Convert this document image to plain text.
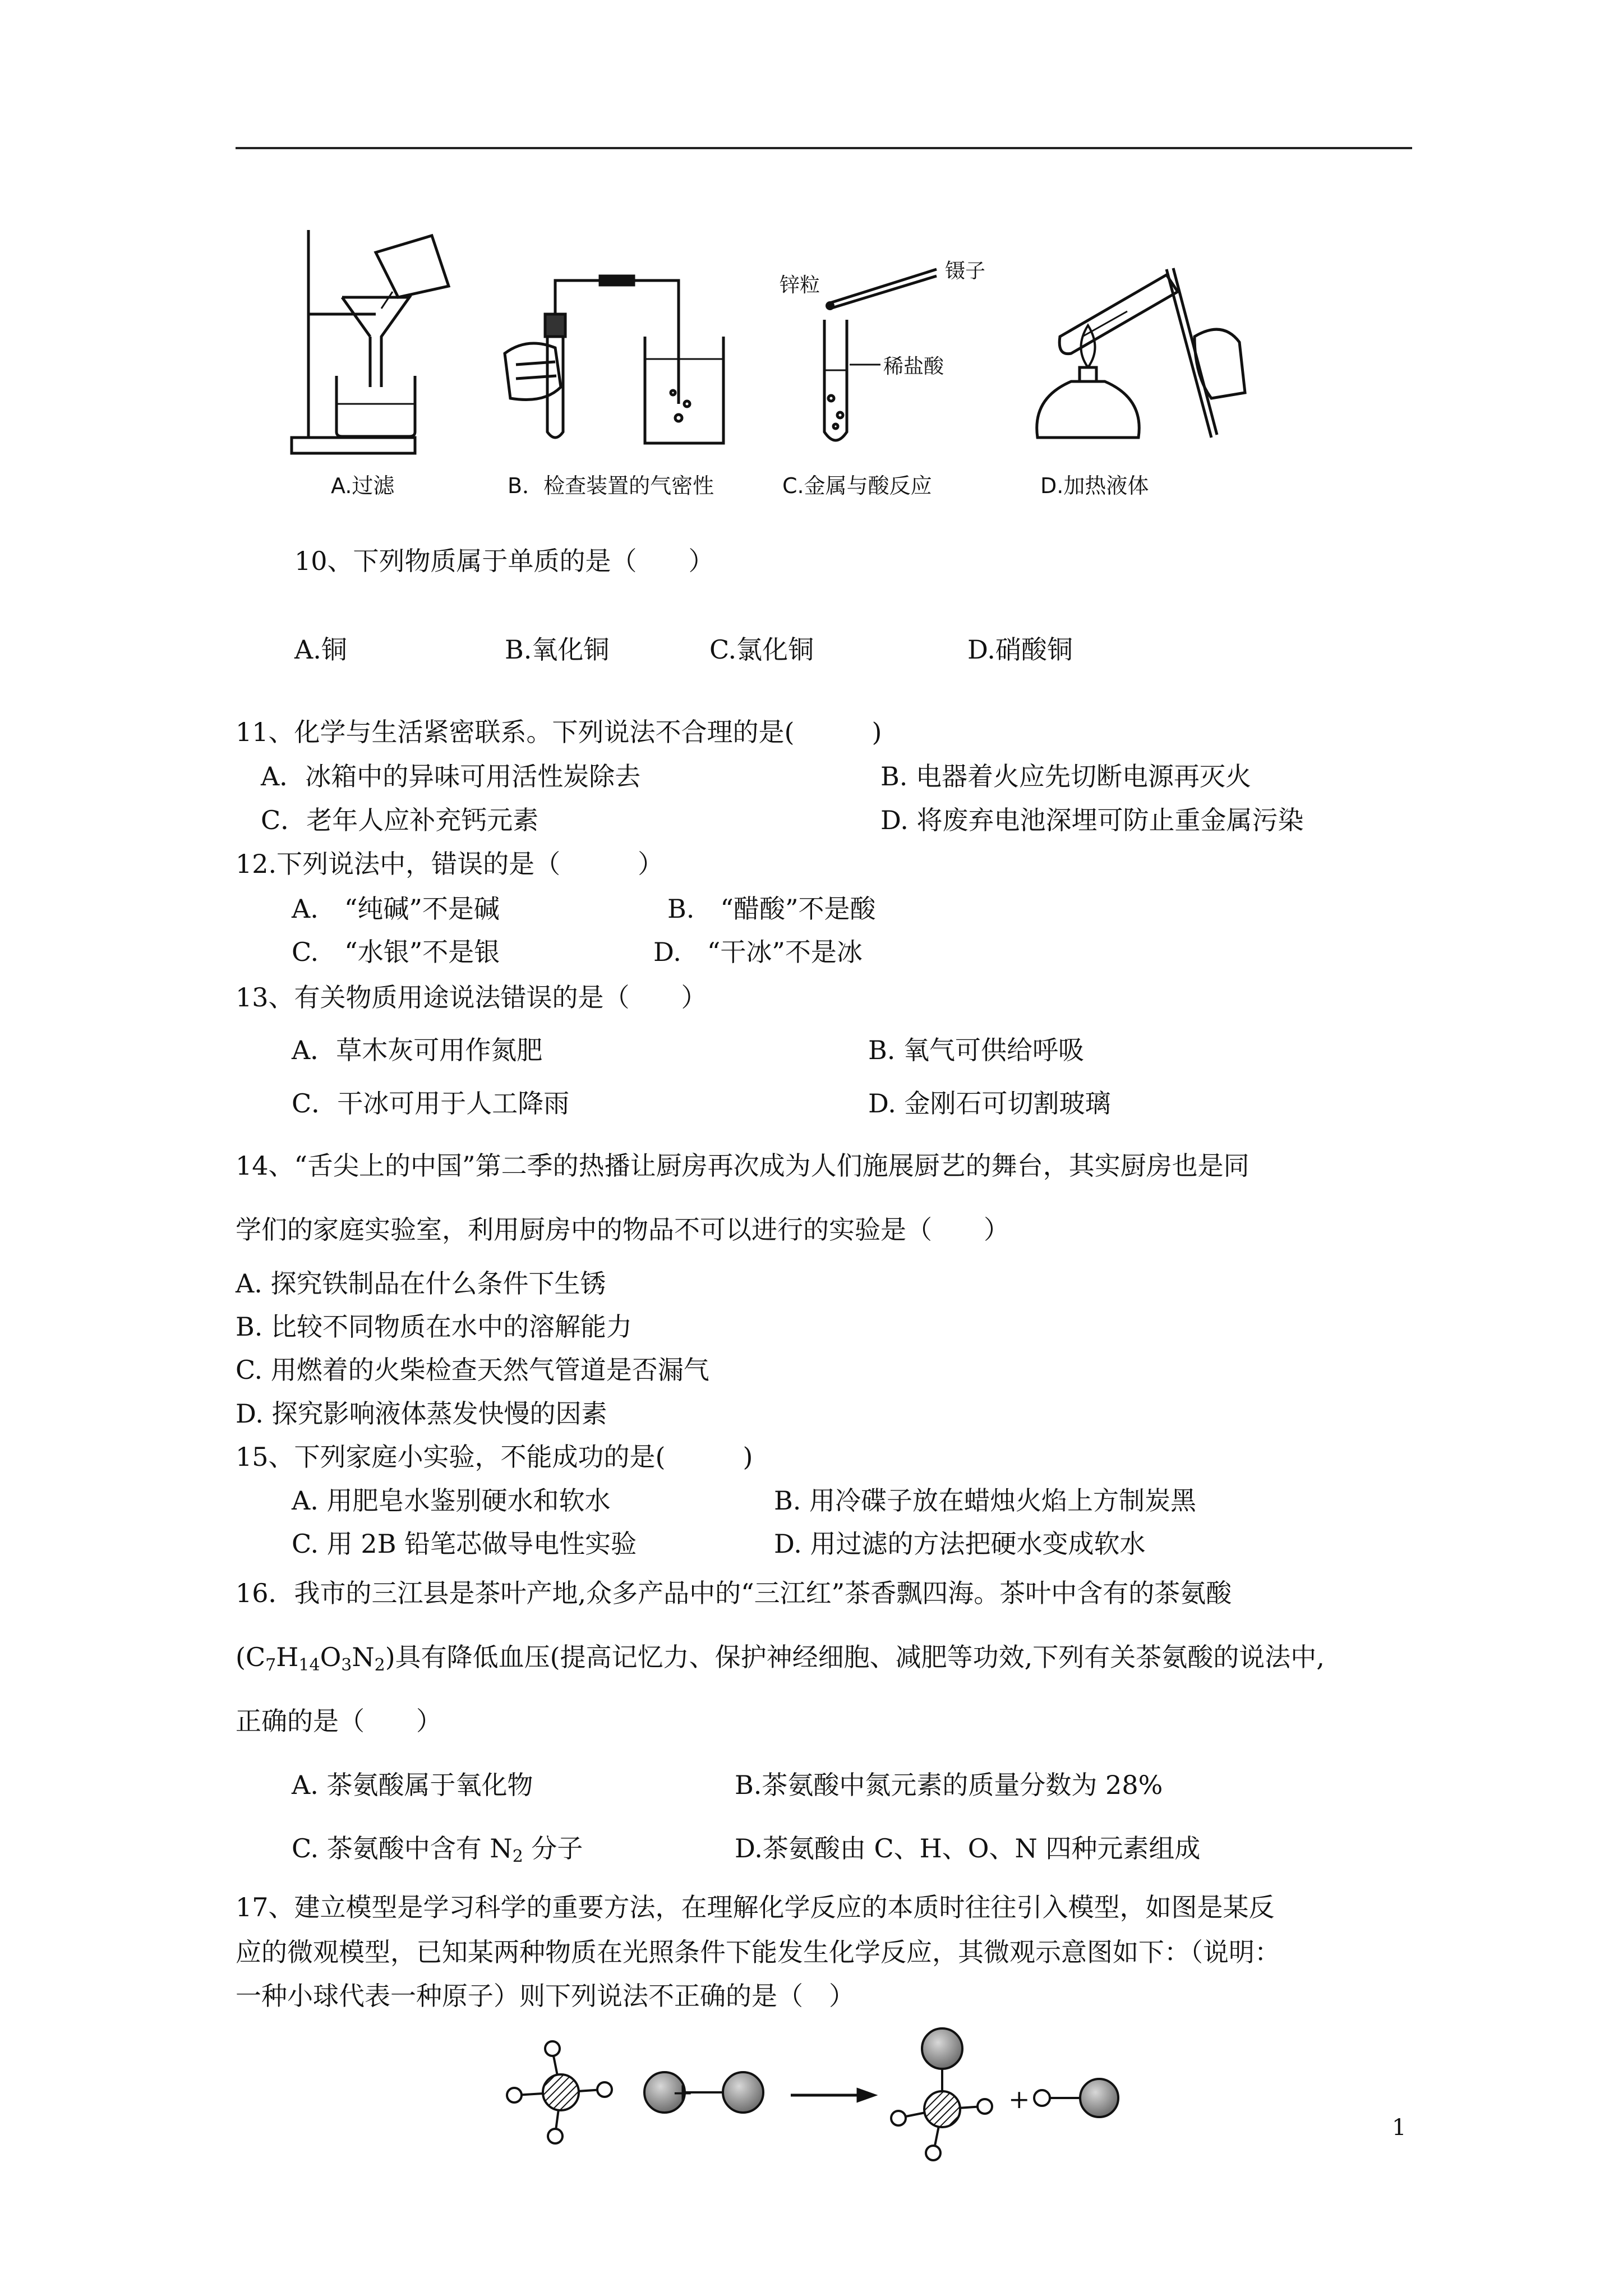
A.过滤	B．检查装置的气密性
锌粒
镊子
稀盐酸
C.金属与酸反应	D.加热液体
10、下列物质属于单质的是（　　）
A.铜	B.氧化铜	C.氯化铜	D.硝酸铜
11、化学与生活紧密联系。下列说法不合理的是(　　　)
A．冰箱中的异味可用活性炭除去	B. 电器着火应先切断电源再灭火
C．老年人应补充钙元素	D. 将废弃电池深埋可防止重金属污染
12.下列说法中，错误的是（　　　）
A.　“纯碱”不是碱	B.　“醋酸”不是酸
C.　“水银”不是银	D.　“干冰”不是冰
13、有关物质用途说法错误的是（　　）
A．草木灰可用作氮肥	B. 氧气可供给呼吸
C．干冰可用于人工降雨	D. 金刚石可切割玻璃
14、“舌尖上的中国”第二季的热播让厨房再次成为人们施展厨艺的舞台，其实厨房也是同
学们的家庭实验室，利用厨房中的物品不可以进行的实验是（　　）
A. 探究铁制品在什么条件下生锈
B. 比较不同物质在水中的溶解能力
C. 用燃着的火柴检查天然气管道是否漏气
D. 探究影响液体蒸发快慢的因素
15、下列家庭小实验，不能成功的是(　　　)
A. 用肥皂水鉴别硬水和软水	B. 用冷碟子放在蜡烛火焰上方制炭黑
C. 用 2B 铅笔芯做导电性实验	D. 用过滤的方法把硬水变成软水
16．我市的三江县是茶叶产地,众多产品中的“三江红”茶香飘四海。茶叶中含有的茶氨酸
$(C_7H_{14}O_3N_2)$具有降低血压(提高记忆力、保护神经细胞、减肥等功效,下列有关茶氨酸的说法中,
正确的是（　　）
A. 茶氨酸属于氧化物	B.茶氨酸中氮元素的质量分数为 28%
C. 茶氨酸中含有 $N_2$ 分子	D.茶氨酸由 C、H、O、N 四种元素组成
17、建立模型是学习科学的重要方法，在理解化学反应的本质时往往引入模型，如图是某反
应的微观模型，已知某两种物质在光照条件下能发生化学反应，其微观示意图如下：（说明：
一种小球代表一种原子）则下列说法不正确的是（　）
+	+
1
